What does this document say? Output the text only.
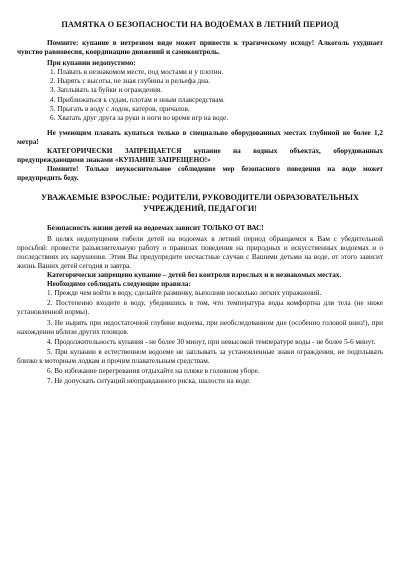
ПАМЯТКА О БЕЗОПАСНОСТИ НА ВОДОЁМАХ В ЛЕТНИЙ ПЕРИОД

Помните: купание в нетрезвом виде может привести к трагическому исходу! Алкоголь ухудшает чувство равновесия, координацию движений и самоконтроль.

При купании недопустимо:

1. Плавать в незнакомом месте, под мостами и у плотин.
2. Нырять с высоты, не зная глубины и рельефа дна.
3. Заплывать за буйки и ограждения.
4. Приближаться к судам, плотам и иным плавсредствам.
5. Прыгать в воду с лодок, катеров, причалов.
6. Хватать друг друга за руки и ноги во время игр на воде.

Не умеющим плавать купаться только в специально оборудованных местах глубиной не более 1,2 метра!

КАТЕГОРИЧЕСКИ ЗАПРЕЩАЕТСЯ купание на водных объектах, оборудованных предупреждающими знаками «КУПАНИЕ ЗАПРЕЩЕНО!»

Помните! Только неукоснительное соблюдение мер безопасного поведения на воде может предупредить беду.

УВАЖАЕМЫЕ ВЗРОСЛЫЕ: РОДИТЕЛИ, РУКОВОДИТЕЛИ ОБРАЗОВАТЕЛЬНЫХ УЧРЕЖДЕНИЙ, ПЕДАГОГИ!

Безопасность жизни детей на водоемах зависит ТОЛЬКО ОТ ВАС!

В целях недопущения гибели детей на водоемах в летний период обращаемся к Вам с убедительной просьбой: провести разъяснительную работу о правилах поведения на природных и искусственных водоемах и о последствиях их нарушения. Этим Вы предупредите несчастные случаи с Вашими детьми на воде, от этого зависит жизнь Ваших детей сегодня и завтра.

Категорически запрещено купание – детей без контроля взрослых и в незнакомых местах.

Необходимо соблюдать следующие правила:

1. Прежде чем войти в воду, сделайте разминку, выполнив несколько легких упражнений.
2. Постепенно входите в воду, убедившись в том, что температура воды комфортна для тела (не ниже установленной нормы).
3. Не нырять при недостаточной глубине водоема, при необследованном дне (особенно головой вниз!), при нахождении вблизи других пловцов.
4. Продолжительность купания - не более 30 минут, при невысокой температуре воды - не более 5-6 минут.
5. При купании в естественном водоеме не заплывать за установленные знаки ограждения, не подплывать близко к моторным лодкам и прочим плавательным средствам.
6. Во избежание перегревания отдыхайте на пляже в головном уборе.
7. Не допускать ситуаций неоправданного риска, шалости на воде.
